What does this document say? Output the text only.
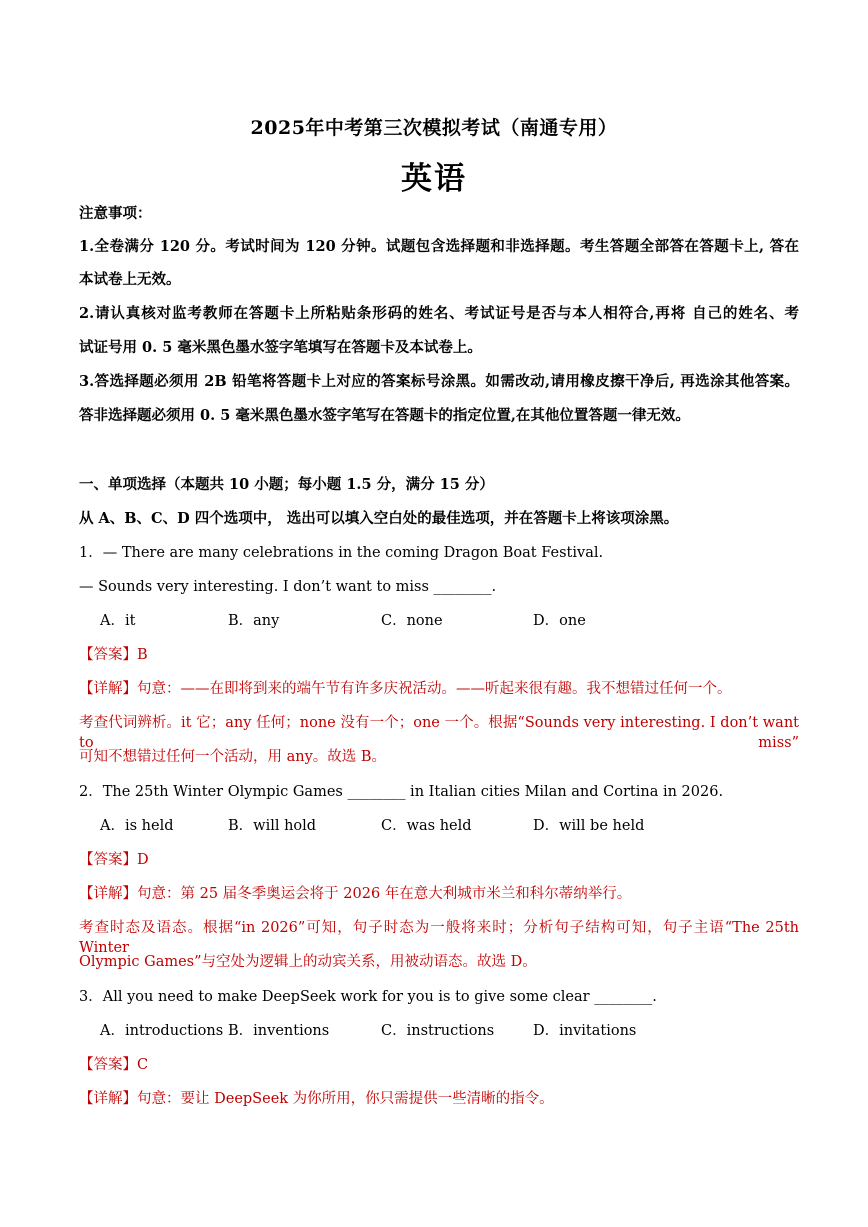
2025年中考第三次模拟考试（南通专用）
英语
注意事项：
1.全卷满分 120 分。考试时间为 120 分钟。试题包含选择题和非选择题。考生答题全部答在答题卡上, 答在
本试卷上无效。
2.请认真核对监考教师在答题卡上所粘贴条形码的姓名、考试证号是否与本人相符合,再将 自己的姓名、考
试证号用 0. 5 毫米黑色墨水签字笔填写在答题卡及本试卷上。
3.答选择题必须用 2B 铅笔将答题卡上对应的答案标号涂黑。如需改动,请用橡皮擦干净后, 再选涂其他答案。
答非选择题必须用 0. 5 毫米黑色墨水签字笔写在答题卡的指定位置,在其他位置答题一律无效。
一、单项选择（本题共 10 小题；每小题 1.5 分，满分 15 分）
从 A、B、C、D 四个选项中， 选出可以填入空白处的最佳选项，并在答题卡上将该项涂黑。
1．— There are many celebrations in the coming Dragon Boat Festival.
— Sounds very interesting. I don’t want to miss ________.
A．it	B．any	C．none	D．one
【答案】B
【详解】句意：——在即将到来的端午节有许多庆祝活动。——听起来很有趣。我不想错过任何一个。
考查代词辨析。it 它；any 任何；none 没有一个；one 一个。根据“Sounds very interesting. I don’t want to miss”
可知不想错过任何一个活动，用 any。故选 B。
2．The 25th Winter Olympic Games ________ in Italian cities Milan and Cortina in 2026.
A．is held	B．will hold	C．was held	D．will be held
【答案】D
【详解】句意：第 25 届冬季奥运会将于 2026 年在意大利城市米兰和科尔蒂纳举行。
考查时态及语态。根据“in 2026”可知，句子时态为一般将来时；分析句子结构可知，句子主语“The 25th Winter
Olympic Games”与空处为逻辑上的动宾关系，用被动语态。故选 D。
3．All you need to make DeepSeek work for you is to give some clear ________.
A．introductions B．inventions	C．instructions	D．invitations
【答案】C
【详解】句意：要让 DeepSeek 为你所用，你只需提供一些清晰的指令。
